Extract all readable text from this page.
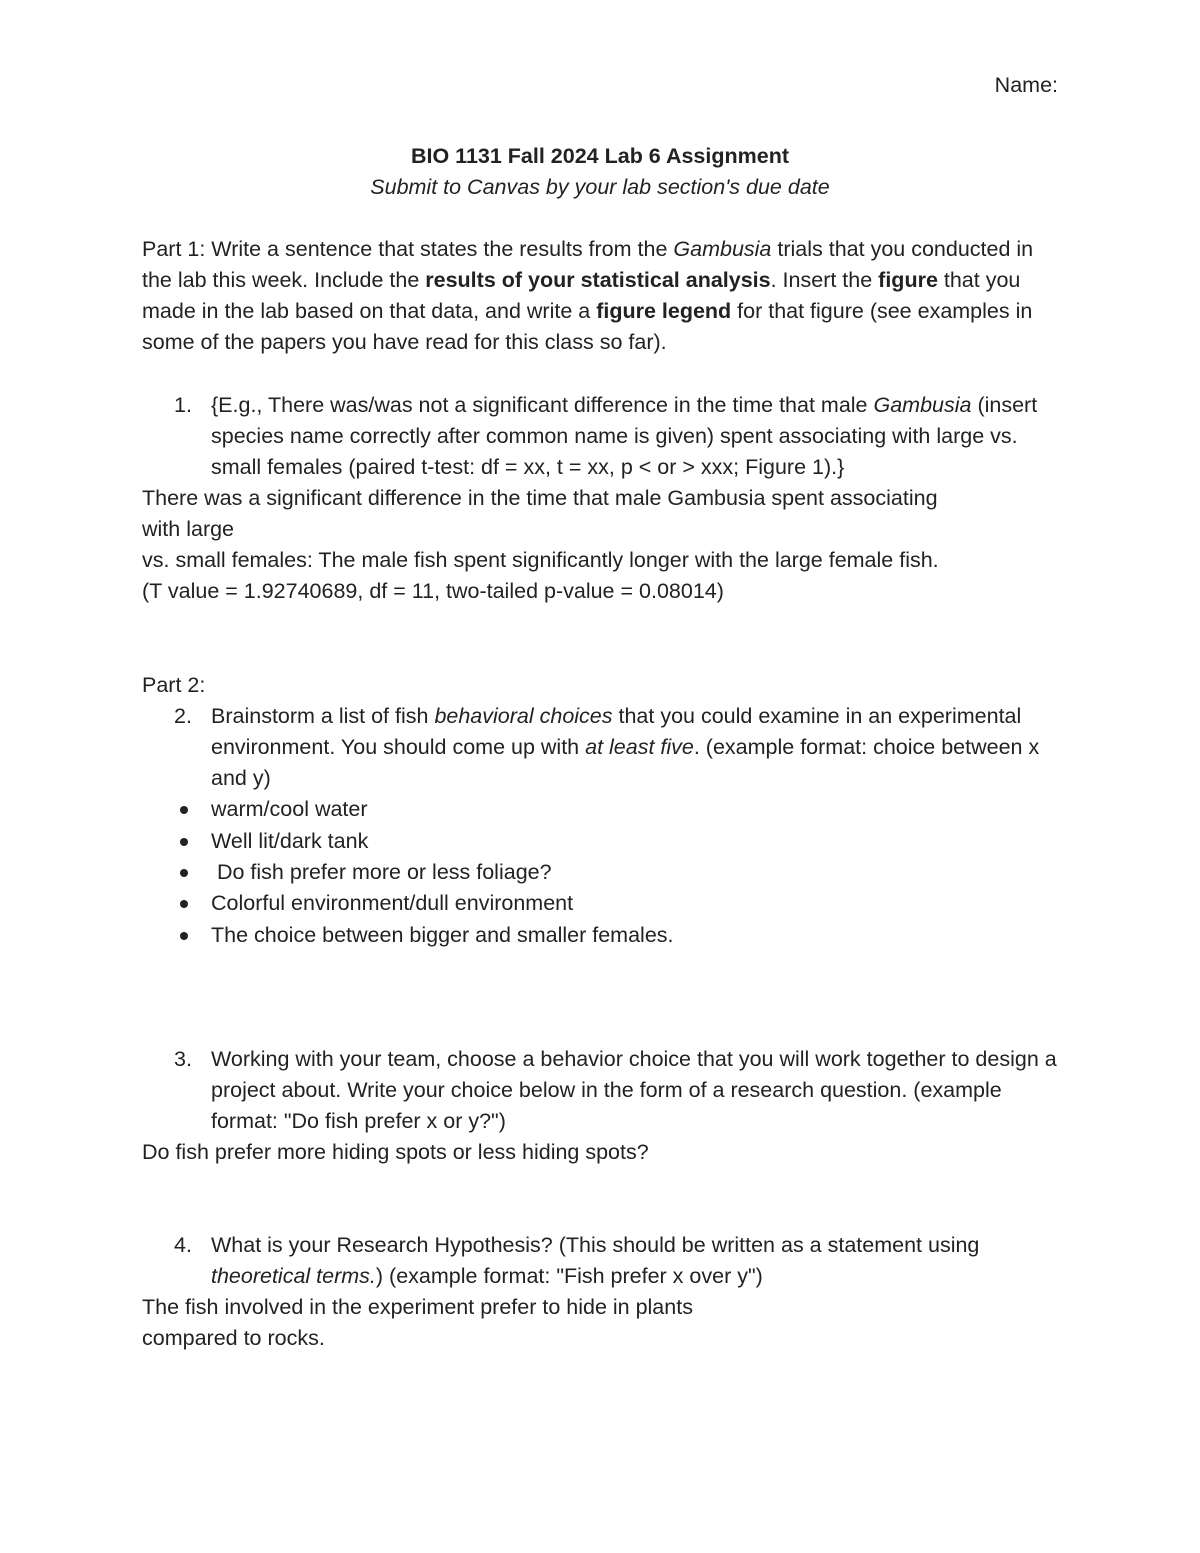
Name:
BIO 1131 Fall 2024 Lab 6 Assignment
Submit to Canvas by your lab section's due date

Part 1: Write a sentence that states the results from the Gambusia trials that you conducted in the lab this week. Include the results of your statistical analysis. Insert the figure that you made in the lab based on that data, and write a figure legend for that figure (see examples in some of the papers you have read for this class so far).

1. {E.g., There was/was not a significant difference in the time that male Gambusia (insert species name correctly after common name is given) spent associating with large vs. small females (paired t-test: df = xx, t = xx, p < or > xxx; Figure 1).}

There was a significant difference in the time that male Gambusia spent associating

with large

vs. small females: The male fish spent significantly longer with the large female fish.

(T value = 1.92740689, df = 11, two-tailed p-value = 0.08014)

Part 2:

2. Brainstorm a list of fish behavioral choices that you could examine in an experimental environment. You should come up with at least five. (example format: choice between x and y)

warm/cool water

Well lit/dark tank

Do fish prefer more or less foliage?

Colorful environment/dull environment

The choice between bigger and smaller females.

3. Working with your team, choose a behavior choice that you will work together to design a project about. Write your choice below in the form of a research question. (example format: "Do fish prefer x or y?")

Do fish prefer more hiding spots or less hiding spots?

4. What is your Research Hypothesis? (This should be written as a statement using theoretical terms.) (example format: "Fish prefer x over y")

The fish involved in the experiment prefer to hide in plants

compared to rocks.
